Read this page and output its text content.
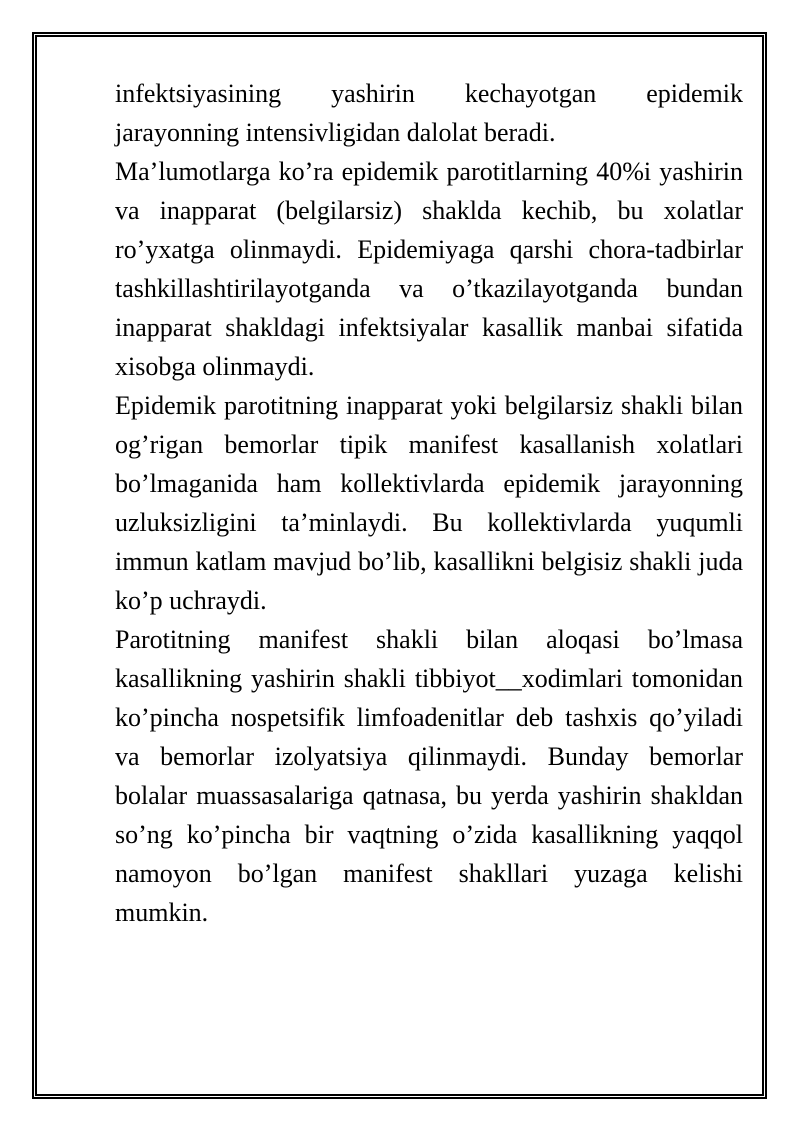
infektsiyasining yashirin kechayotgan epidemik jarayonning intensivligidan dalolat beradi.

Ma’lumotlarga ko’ra epidemik parotitlarning 40%i yashirin va inapparat (belgilarsiz) shaklda kechib, bu xolatlar ro’yxatga olinmaydi. Epidemiyaga qarshi chora-tadbirlar tashkillashtirilayotganda va o’tkazilayotganda bundan inapparat shakldagi infektsiyalar kasallik manbai sifatida xisobga olinmaydi.

Epidemik parotitning inapparat yoki belgilarsiz shakli bilan og’rigan bemorlar tipik manifest kasallanish xolatlari bo’lmaganida ham kollektivlarda epidemik jarayonning uzluksizligini ta’minlaydi. Bu kollektivlarda yuqumli immun katlam mavjud bo’lib, kasallikni belgisiz shakli juda ko’p uchraydi.

Parotitning manifest shakli bilan aloqasi bo’lmasa kasallikning yashirin shakli tibbiyot__xodimlari tomonidan ko’pincha nospetsifik limfoadenitlar deb tashxis qo’yiladi va bemorlar izolyatsiya qilinmaydi. Bunday bemorlar bolalar muassasalariga qatnasa, bu yerda yashirin shakldan so’ng ko’pincha bir vaqtning o’zida kasallikning yaqqol namoyon bo’lgan manifest shakllari yuzaga kelishi mumkin.
